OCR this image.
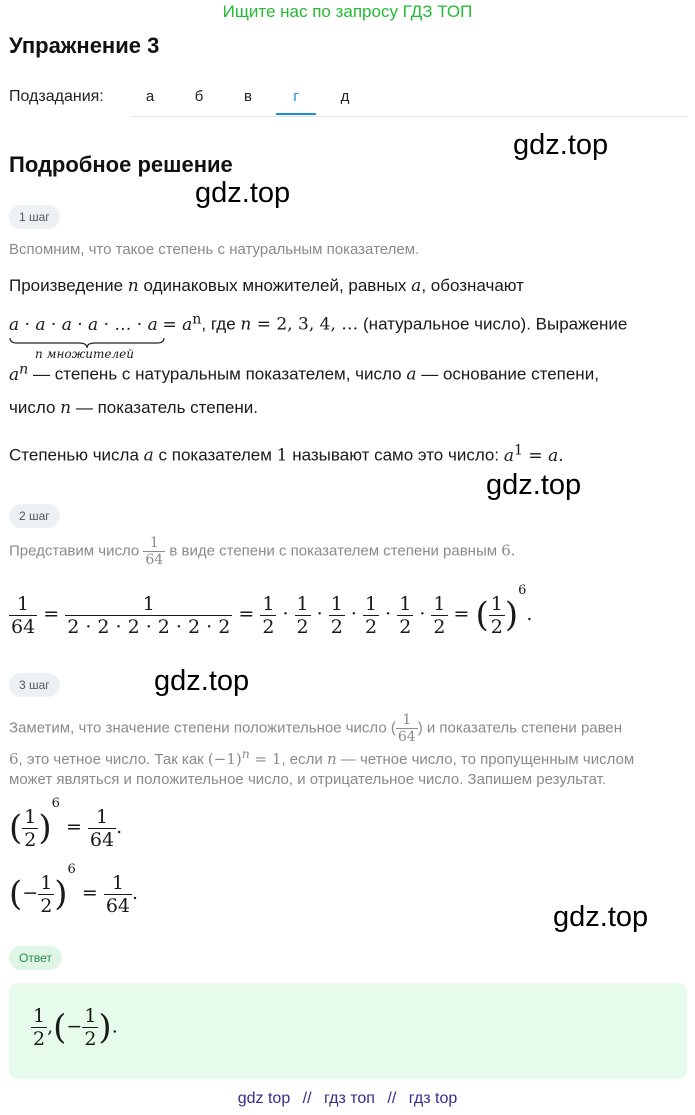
Ищите нас по запросу ГДЗ ТОП
Упражнение 3
Подзадания:	а	б	в	г	д
Подробное решение
gdz.top
gdz.top
gdz.top
gdz.top
gdz.top
1 шаг
Вспомним, что такое степень с натуральным показателем.
Произведение n одинаковых множителей, равных a, обозначают
a · a · a · a · … · a
n множителей
= $a^n$, где n = 2, 3, 4, … (натуральное число). Выражение
$a^n$ — степень с натуральным показателем, число a — основание степени,
число n — показатель степени.
Степенью числа a с показателем 1 называют само это число: $a^1 = a$.
2 шаг
Представим число $\frac{1}{64}$ в виде степени с показателем степени равным 6.
$\frac{1}{64} = \frac{1}{2 \cdot 2 \cdot 2 \cdot 2 \cdot 2 \cdot 2} = \frac{1}{2} \cdot \frac{1}{2} \cdot \frac{1}{2} \cdot \frac{1}{2} \cdot \frac{1}{2} \cdot \frac{1}{2}$ = ( $\frac{1}{2} )^6$.
3 шаг
Заметим, что значение степени положительное число ( $\frac{1}{64}$ ) и показатель степени равен
6, это четное число. Так как $(-1)^n = 1$, если n — четное число, то пропущенным числом
может являться и положительное число, и отрицательное число. Запишем результат.
( $\frac{1}{2} )^6 = \frac{1}{64}$ .
(− $\frac{1}{2} )^6 = \frac{1}{64}$ .
Ответ
$\frac{1}{2}$ ,(− $\frac{1}{2}$ ).
gdz top // гдз топ // гдз top
